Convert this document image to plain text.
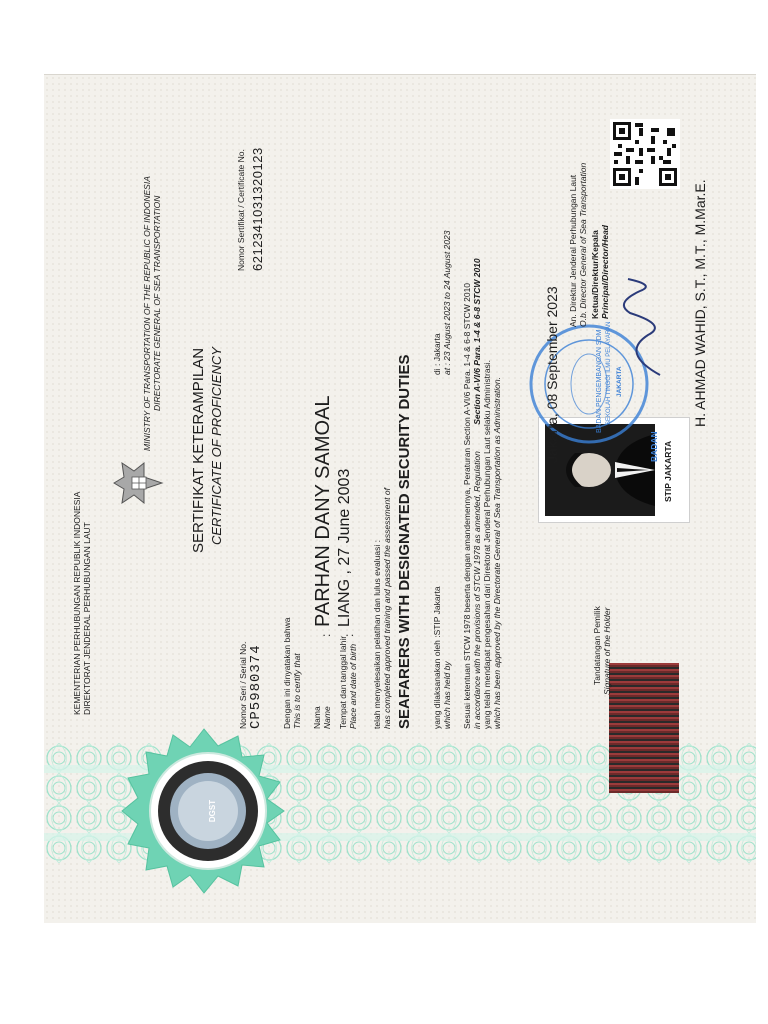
DGST
KEMENTERIAN PERHUBUNGAN REPUBLIK INDONESIA DIREKTORAT JENDERAL PERHUBUNGAN LAUT
MINISTRY OF TRANSPORTATION OF THE REPUBLIC OF INDONESIA DIRECTORATE GENERAL OF SEA TRANSPORTATION
SERTIFIKAT KETERAMPILAN CERTIFICATE OF PROFICIENCY
Nomor Sertifikat / Certificate No. 6212341031320123
Nomor Seri / Serial No. CP5980374 Dengan ini dinyatakan bahwa This is to certify that Nama Name
:
PARHAN DANY SAMOAL
Tempat dan tanggal lahir Place and date of birth
:
LIANG , 27 June 2003 telah menyelesaikan pelatihan dan lulus evaluasi : has completed approved training and passed the assessment of SEAFARERS WITH DESIGNATED SECURITY DUTIES yang dilaksanakan oleh :STIP Jakarta which has held by
di : Jakarta
at : 23 August 2023 to 24 August 2023 Sesuai ketentuan STCW 1978 beserta dengan amandemennya, Peraturan Section A-VI/6 Para. 1-4 & 6-8 STCW 2010 in accordance with the provisions of STCW 1978 as amended, Regulation Section A-VI/6 Para. 1-4 & 6-8 STCW 2010
yang telah mendapat pengesahan dari Direktorat Jenderal Perhubungan Laut selaku Administrasi. which has been approved by the Directorate General of Sea Transportation as Administration.	Tandatangan Pemilik Signature of the Holder
STIP JAKARTA
BADAN
BADAN PENGEMBANGAN SDM SEKOLAH TINGGI ILMU PELAYARAN JAKARTA
Jakarta, 08 September 2023
An. Direktur Jenderal Perhubungan Laut O.b. Director General of Sea Transportation Ketua/Direktur/Kepala Principal/Director/Head	H. AHMAD WAHID, S.T., M.T., M.Mar.E.
